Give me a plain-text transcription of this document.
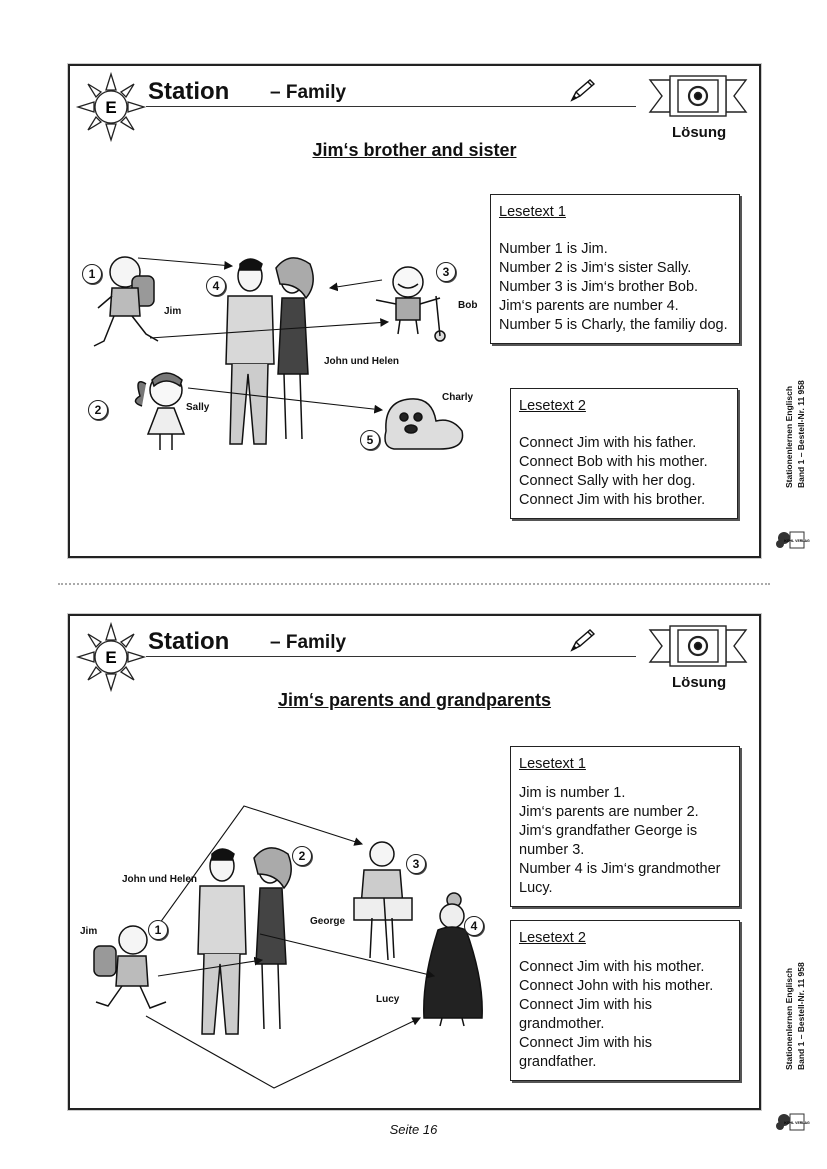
E
Station – Family
Lösung
Jim‘s brother and sister
Jim
Bob
John und Helen
Sally
Charly
1
2
3
4
5
Lesetext 1
Number 1 is Jim.
Number 2 is Jim‘s sister Sally.
Number 3 is Jim‘s brother Bob.
Jim‘s parents are number 4.
Number 5 is Charly, the familiy dog.
Lesetext 2
Connect Jim with his father.
Connect Bob with his mother.
Connect Sally with her dog.
Connect Jim with his brother.
E
Station – Family
Lösung
Jim‘s parents and grandparents
Jim
John und Helen
George
Lucy
1
2
3
4
Lesetext 1
Jim is number 1.
Jim‘s parents are number 2.
Jim‘s grandfather George is number 3.
Number 4 is Jim‘s grandmother Lucy.
Lesetext 2
Connect Jim with his mother.
Connect John with his mother.
Connect Jim with his grandmother.
Connect Jim with his grandfather.
Stationenlernen Englisch Band 1 – Bestell-Nr. 11 958
KOHL VERLAG
Stationenlernen Englisch Band 1 – Bestell-Nr. 11 958
KOHL VERLAG
Seite 16
